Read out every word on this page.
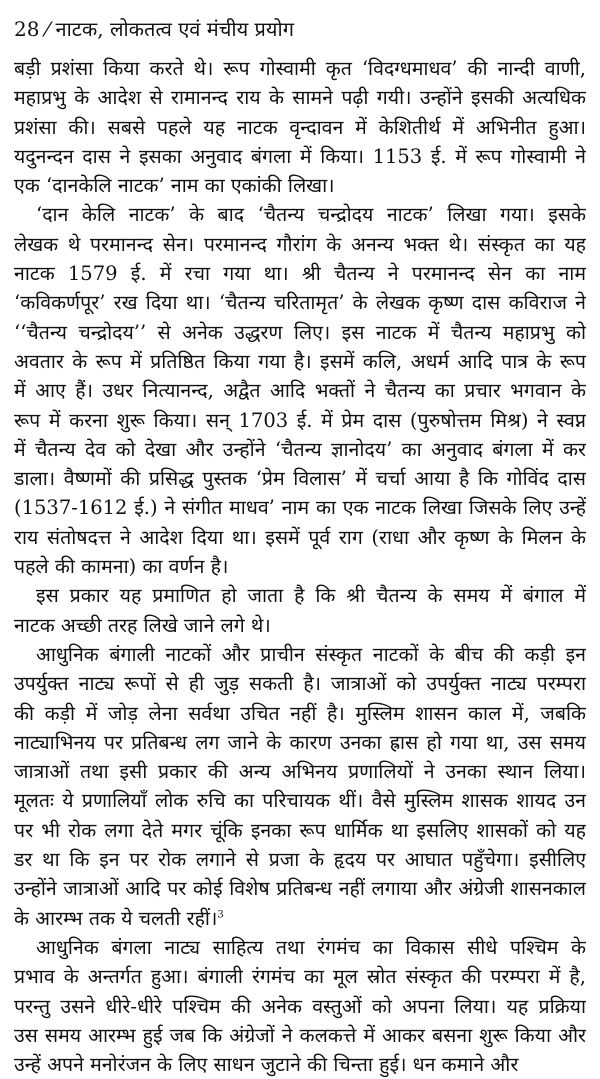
28 ⁄ नाटक, लोकतत्व एवं मंचीय प्रयोग

बड़ी प्रशंसा किया करते थे। रूप गोस्वामी कृत ‘विदग्धमाधव’ की नान्दी वाणी,
महाप्रभु के आदेश से रामानन्द राय के सामने पढ़ी गयी। उन्होंने इसकी अत्यधिक
प्रशंसा की। सबसे पहले यह नाटक वृन्दावन में केशितीर्थ में अभिनीत हुआ।
यदुनन्दन दास ने इसका अनुवाद बंगला में किया। 1153 ई. में रूप गोस्वामी ने
एक ‘दानकेलि नाटक’ नाम का एकांकी लिखा।

‘दान केलि नाटक’ के बाद ‘चैतन्य चन्द्रोदय नाटक’ लिखा गया। इसके
लेखक थे परमानन्द सेन। परमानन्द गौरांग के अनन्य भक्त थे। संस्कृत का यह
नाटक 1579 ई. में रचा गया था। श्री चैतन्य ने परमानन्द सेन का नाम
‘कविकर्णपूर’ रख दिया था। ‘चैतन्य चरितामृत’ के लेखक कृष्ण दास कविराज ने
‘‘चैतन्य चन्द्रोदय’’ से अनेक उद्धरण लिए। इस नाटक में चैतन्य महाप्रभु को
अवतार के रूप में प्रतिष्ठित किया गया है। इसमें कलि, अधर्म आदि पात्र के रूप
में आए हैं। उधर नित्यानन्द, अद्वैत आदि भक्तों ने चैतन्य का प्रचार भगवान के
रूप में करना शुरू किया। सन् 1703 ई. में प्रेम दास (पुरुषोत्तम मिश्र) ने स्वप्न
में चैतन्य देव को देखा और उन्होंने ‘चैतन्य ज्ञानोदय’ का अनुवाद बंगला में कर
डाला। वैष्णमों की प्रसिद्ध पुस्तक ‘प्रेम विलास’ में चर्चा आया है कि गोविंद दास
(1537-1612 ई.) ने संगीत माधव’ नाम का एक नाटक लिखा जिसके लिए उन्हें
राय संतोषदत्त ने आदेश दिया था। इसमें पूर्व राग (राधा और कृष्ण के मिलन के
पहले की कामना) का वर्णन है।

इस प्रकार यह प्रमाणित हो जाता है कि श्री चैतन्य के समय में बंगाल में
नाटक अच्छी तरह लिखे जाने लगे थे।

आधुनिक बंगाली नाटकों और प्राचीन संस्कृत नाटकों के बीच की कड़ी इन
उपर्युक्त नाट्य रूपों से ही जुड़ सकती है। जात्राओं को उपर्युक्त नाट्य परम्परा
की कड़ी में जोड़ लेना सर्वथा उचित नहीं है। मुस्लिम शासन काल में, जबकि
नाट्याभिनय पर प्रतिबन्ध लग जाने के कारण उनका ह्रास हो गया था, उस समय
जात्राओं तथा इसी प्रकार की अन्य अभिनय प्रणालियों ने उनका स्थान लिया।
मूलतः ये प्रणालियाँ लोक रुचि का परिचायक थीं। वैसे मुस्लिम शासक शायद उन
पर भी रोक लगा देते मगर चूंकि इनका रूप धार्मिक था इसलिए शासकों को यह
डर था कि इन पर रोक लगाने से प्रजा के हृदय पर आघात पहुँचेगा। इसीलिए
उन्होंने जात्राओं आदि पर कोई विशेष प्रतिबन्ध नहीं लगाया और अंग्रेजी शासनकाल
के आरम्भ तक ये चलती रहीं।$^3$

आधुनिक बंगला नाट्य साहित्य तथा रंगमंच का विकास सीधे पश्चिम के
प्रभाव के अन्तर्गत हुआ। बंगाली रंगमंच का मूल स्रोत संस्कृत की परम्परा में है,
परन्तु उसने धीरे-धीरे पश्चिम की अनेक वस्तुओं को अपना लिया। यह प्रक्रिया
उस समय आरम्भ हुई जब कि अंग्रेजों ने कलकत्ते में आकर बसना शुरू किया और
उन्हें अपने मनोरंजन के लिए साधन जुटाने की चिन्ता हुई। धन कमाने और
